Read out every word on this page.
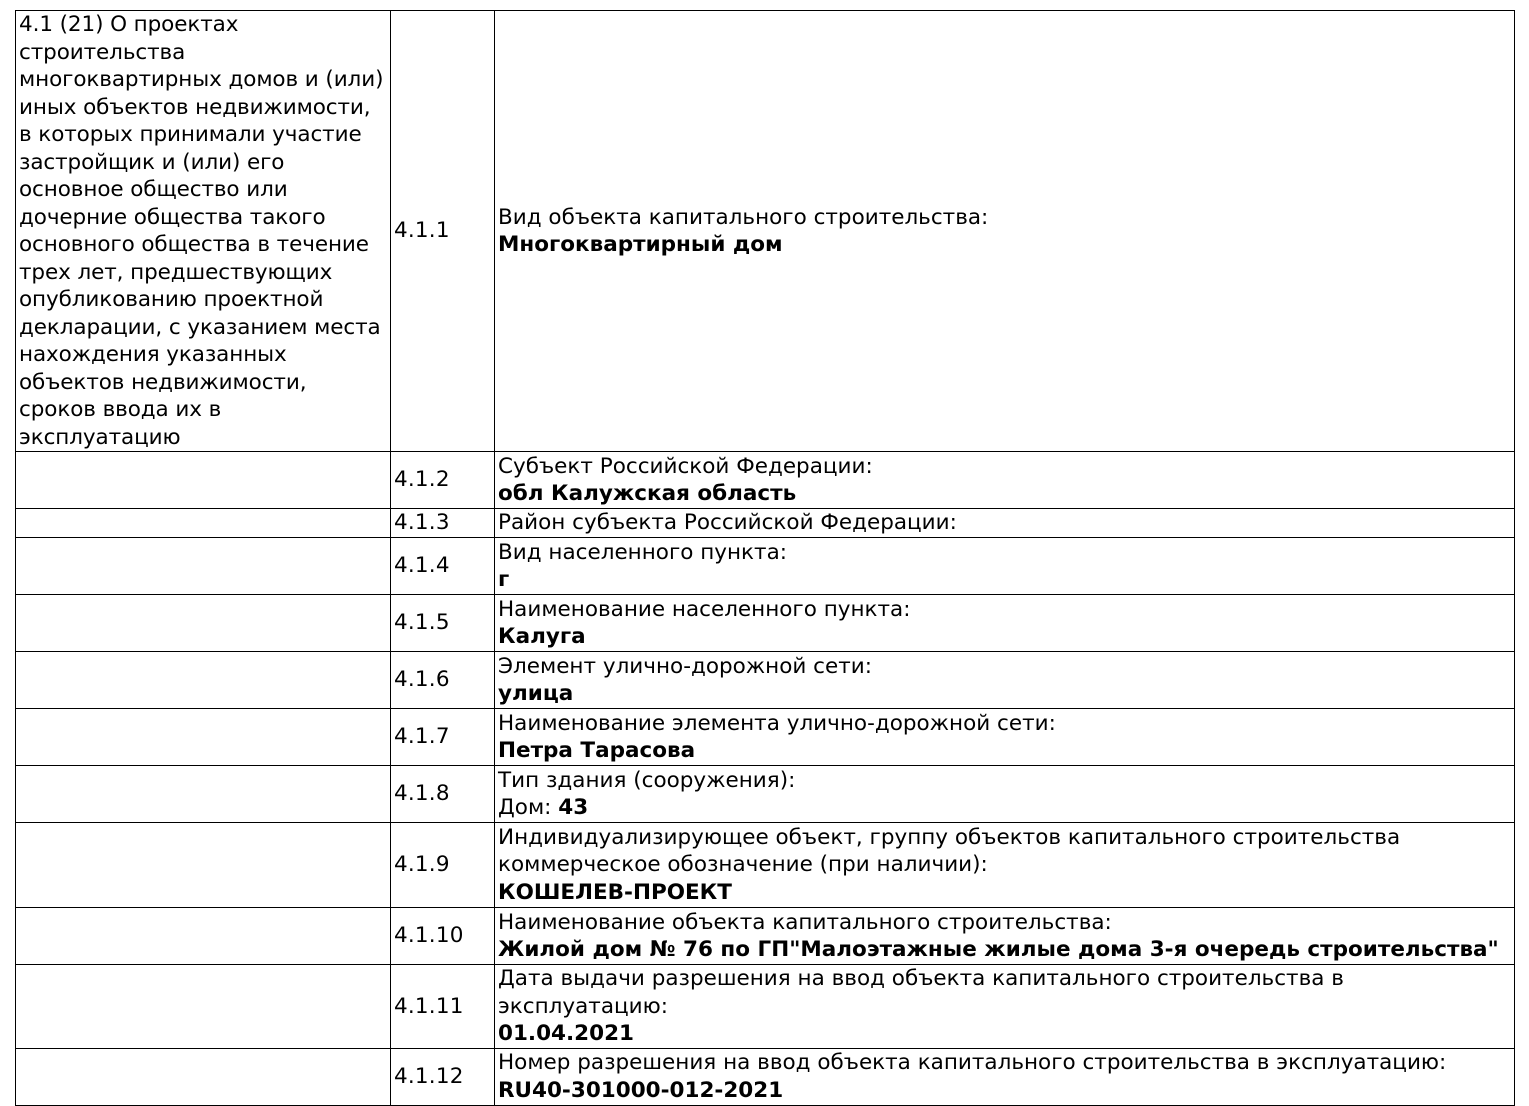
4.1 (21) О проектах строительства многоквартирных домов и (или) иных объектов недвижимости, в которых принимали участие застройщик и (или) его основное общество или дочерние общества такого основного общества в течение трех лет, предшествующих опубликованию проектной декларации, с указанием места нахождения указанных объектов недвижимости, сроков ввода их в эксплуатацию	4.1.1	Вид объекта капитального строительства:
Многоквартирный дом

	4.1.2	Субъект Российской Федерации:
обл Калужская область

	4.1.3	Район субъекта Российской Федерации:

	4.1.4	Вид населенного пункта:
г

	4.1.5	Наименование населенного пункта:
Калуга

	4.1.6	Элемент улично-дорожной сети:
улица

	4.1.7	Наименование элемента улично-дорожной сети:
Петра Тарасова

	4.1.8	Тип здания (сооружения):
Дом: 43

	4.1.9	Индивидуализирующее объект, группу объектов капитального строительства коммерческое обозначение (при наличии):
КОШЕЛЕВ-ПРОЕКТ

	4.1.10	Наименование объекта капитального строительства:
Жилой дом № 76 по ГП"Малоэтажные жилые дома 3-я очередь строительства"

	4.1.11	Дата выдачи разрешения на ввод объекта капитального строительства в эксплуатацию:
01.04.2021

	4.1.12	Номер разрешения на ввод объекта капитального строительства в эксплуатацию:
RU40-301000-012-2021
